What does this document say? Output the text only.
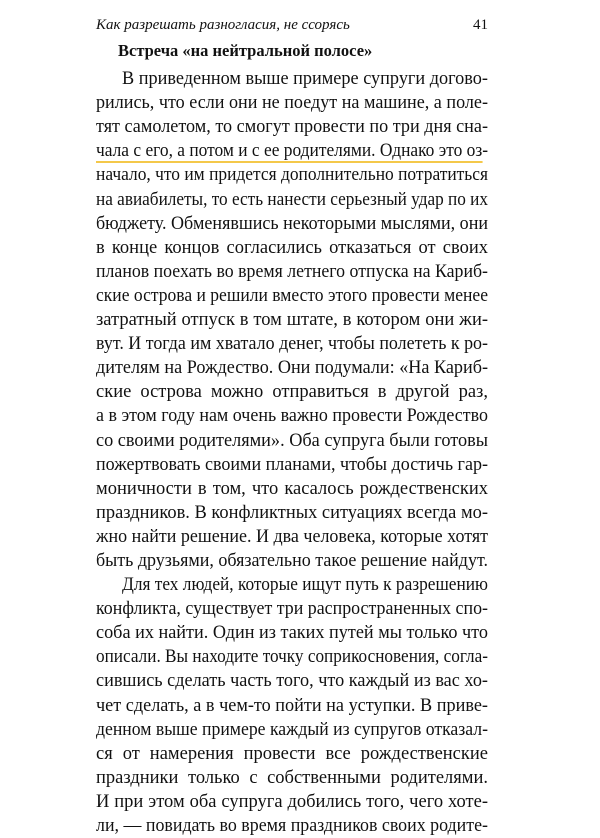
Как разрешать разногласия, не ссорясь	41
Встреча «на нейтральной полосе»
В приведенном выше примере супруги догово-
рились, что если они не поедут на машине, а поле-
тят самолетом, то смогут провести по три дня сна-
чала с его, а потом и с ее родителями. Однако это оз-
начало, что им придется дополнительно потратиться
на авиабилеты, то есть нанести серьезный удар по их
бюджету. Обменявшись некоторыми мыслями, они
в конце концов согласились отказаться от своих
планов поехать во время летнего отпуска на Кариб-
ские острова и решили вместо этого провести менее
затратный отпуск в том штате, в котором они жи-
вут. И тогда им хватало денег, чтобы полететь к ро-
дителям на Рождество. Они подумали: «На Кариб-
ские острова можно отправиться в другой раз,
а в этом году нам очень важно провести Рождество
со своими родителями». Оба супруга были готовы
пожертвовать своими планами, чтобы достичь гар-
моничности в том, что касалось рождественских
праздников. В конфликтных ситуациях всегда мо-
жно найти решение. И два человека, которые хотят
быть друзьями, обязательно такое решение найдут.
Для тех людей, которые ищут путь к разрешению
конфликта, существует три распространенных спо-
соба их найти. Один из таких путей мы только что
описали. Вы находите точку соприкосновения, согла-
сившись сделать часть того, что каждый из вас хо-
чет сделать, а в чем-то пойти на уступки. В приве-
денном выше примере каждый из супругов отказал-
ся от намерения провести все рождественские
праздники только с собственными родителями.
И при этом оба супруга добились того, чего хоте-
ли, — повидать во время праздников своих родите-
